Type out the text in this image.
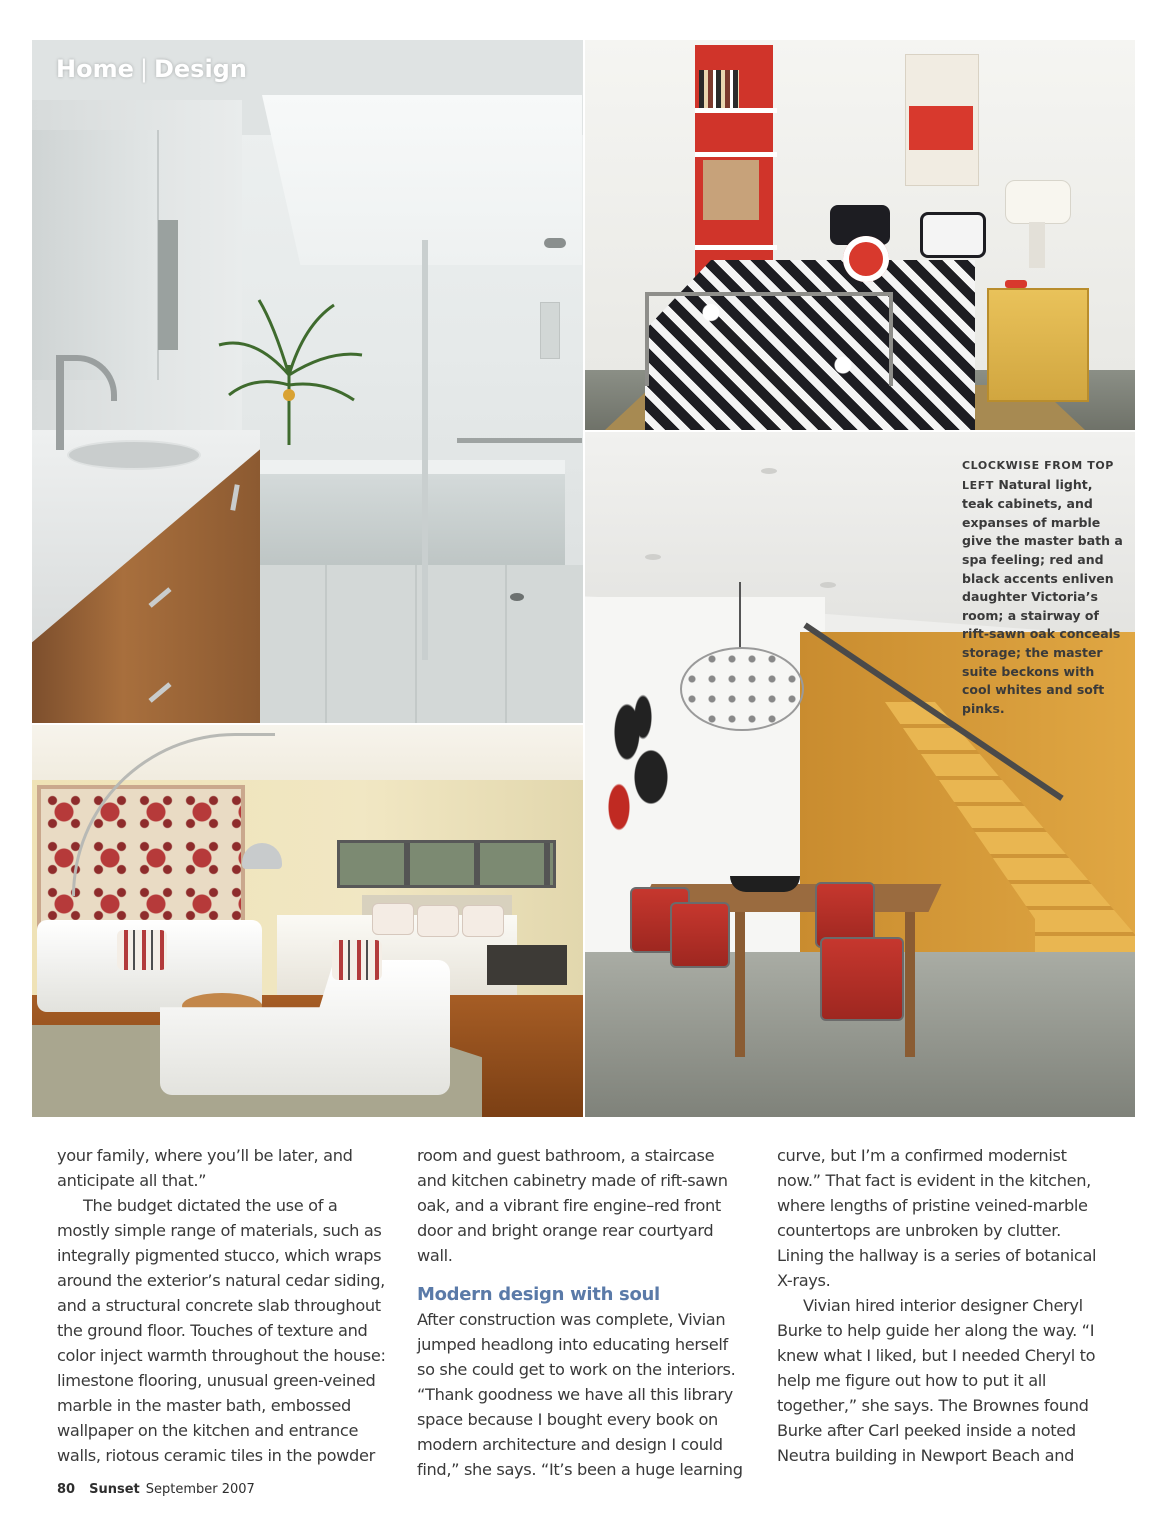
Home | Design

CLOCKWISE FROM TOP LEFT Natural light, teak cabinets, and expanses of marble give the master bath a spa feeling; red and black accents enliven daughter Victoria’s room; a stairway of rift-sawn oak conceals storage; the master suite beckons with cool whites and soft pinks.

your family, where you’ll be later, and anticipate all that.”

The budget dictated the use of a mostly simple range of materials, such as integrally pigmented stucco, which wraps around the exterior’s natural cedar siding, and a structural concrete slab throughout the ground floor. Touches of texture and color inject warmth throughout the house: limestone flooring, unusual green-veined marble in the master bath, embossed wallpaper on the kitchen and entrance walls, riotous ceramic tiles in the powder

room and guest bathroom, a staircase and kitchen cabinetry made of rift-sawn oak, and a vibrant fire engine–red front door and bright orange rear courtyard wall.

Modern design with soul

After construction was complete, Vivian jumped headlong into educating herself so she could get to work on the interiors. “Thank goodness we have all this library space because I bought every book on modern architecture and design I could find,” she says. “It’s been a huge learning

curve, but I’m a confirmed modernist now.” That fact is evident in the kitchen, where lengths of pristine veined-marble countertops are unbroken by clutter. Lining the hallway is a series of botanical X-rays.

Vivian hired interior designer Cheryl Burke to help guide her along the way. “I knew what I liked, but I needed Cheryl to help me figure out how to put it all together,” she says. The Brownes found Burke after Carl peeked inside a noted Neutra building in Newport Beach and

80 Sunset September 2007
